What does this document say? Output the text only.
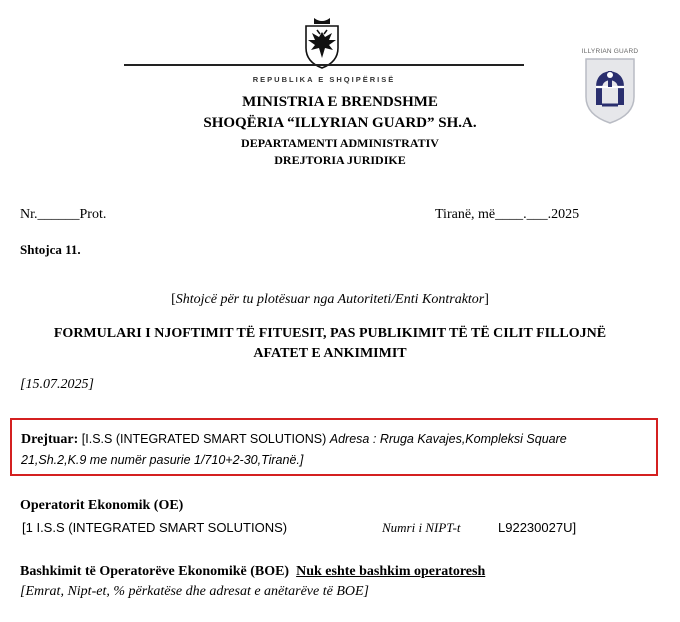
REPUBLIKA E SHQIPËRISË
ILLYRIAN GUARD
MINISTRIA E BRENDSHME
SHOQËRIA “ILLYRIAN GUARD” SH.A.
DEPARTAMENTI ADMINISTRATIV
DREJTORIA JURIDIKE
Nr.______Prot.	Tiranë, më____.___.2025
Shtojca 11.
[Shtojcë për tu plotësuar nga Autoriteti/Enti Kontraktor]
FORMULARI I NJOFTIMIT TË FITUESIT, PAS PUBLIKIMIT TË TË CILIT FILLOJNË
AFATET E ANKIMIMIT
[15.07.2025]
Drejtuar: [I.S.S (INTEGRATED SMART SOLUTIONS) Adresa : Rruga Kavajes,Kompleksi Square
21,Sh.2,K.9 me numër pasurie 1/710+2-30,Tiranë.]
Operatorit Ekonomik (OE)
[1 I.S.S (INTEGRATED SMART SOLUTIONS)	Numri i NIPT-t	L92230027U]
Bashkimit të Operatorëve Ekonomikë (BOE) Nuk eshte bashkim operatoresh
[Emrat, Nipt-et, % përkatëse dhe adresat e anëtarëve të BOE]
